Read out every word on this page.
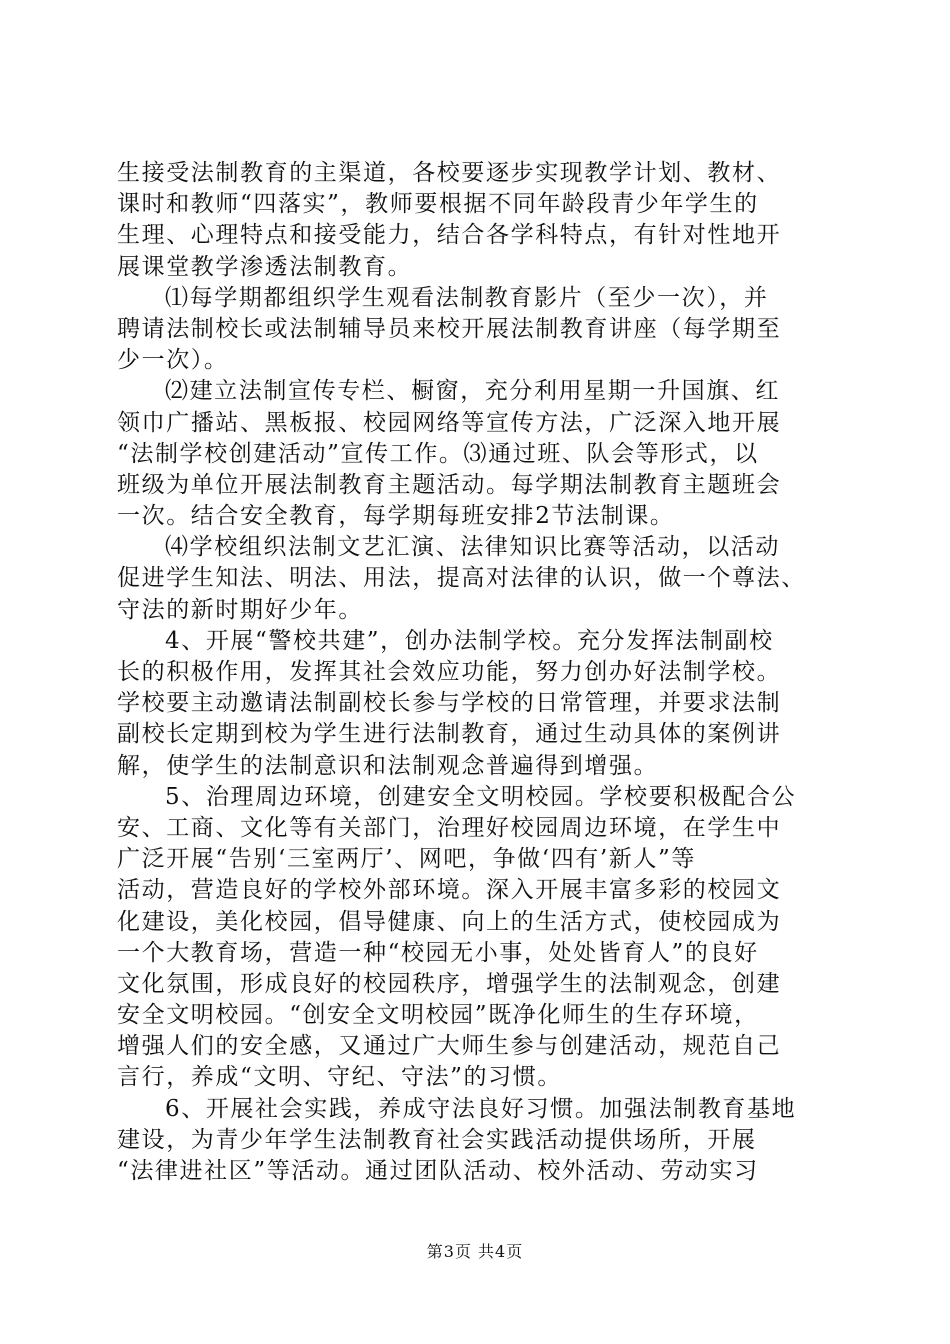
生接受法制教育的主渠道，各校要逐步实现教学计划、教材、
课时和教师“四落实”，教师要根据不同年龄段青少年学生的
生理、心理特点和接受能力，结合各学科特点，有针对性地开
展课堂教学渗透法制教育。
⑴每学期都组织学生观看法制教育影片（至少一次），并
聘请法制校长或法制辅导员来校开展法制教育讲座（每学期至
少一次）。
⑵建立法制宣传专栏、橱窗，充分利用星期一升国旗、红
领巾广播站、黑板报、校园网络等宣传方法，广泛深入地开展
“法制学校创建活动”宣传工作。⑶通过班、队会等形式，以
班级为单位开展法制教育主题活动。每学期法制教育主题班会
一次。结合安全教育，每学期每班安排2节法制课。
⑷学校组织法制文艺汇演、法律知识比赛等活动，以活动
促进学生知法、明法、用法，提高对法律的认识，做一个尊法、
守法的新时期好少年。
4、开展“警校共建”，创办法制学校。充分发挥法制副校
长的积极作用，发挥其社会效应功能，努力创办好法制学校。
学校要主动邀请法制副校长参与学校的日常管理，并要求法制
副校长定期到校为学生进行法制教育，通过生动具体的案例讲
解，使学生的法制意识和法制观念普遍得到增强。
5、治理周边环境，创建安全文明校园。学校要积极配合公
安、工商、文化等有关部门，治理好校园周边环境，在学生中
广泛开展“告别‘三室两厅’、网吧，争做‘四有’新人”等
活动，营造良好的学校外部环境。深入开展丰富多彩的校园文
化建设，美化校园，倡导健康、向上的生活方式，使校园成为
一个大教育场，营造一种“校园无小事，处处皆育人”的良好
文化氛围，形成良好的校园秩序，增强学生的法制观念，创建
安全文明校园。“创安全文明校园”既净化师生的生存环境，
增强人们的安全感，又通过广大师生参与创建活动，规范自己
言行，养成“文明、守纪、守法”的习惯。
6、开展社会实践，养成守法良好习惯。加强法制教育基地
建设，为青少年学生法制教育社会实践活动提供场所，开展
“法律进社区”等活动。通过团队活动、校外活动、劳动实习
第3页 共4页
